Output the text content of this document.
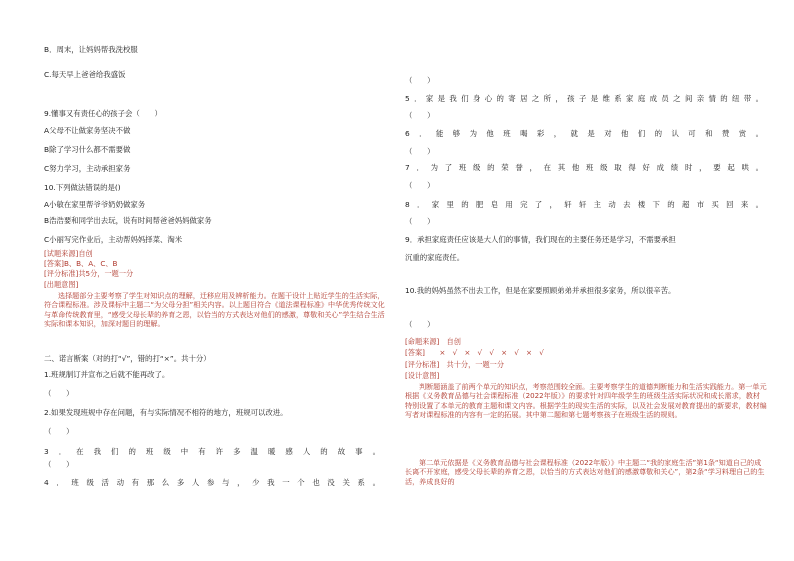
B．周末，让妈妈帮我洗校服
C.每天早上爸爸给我盛饭
9.懂事又有责任心的孩子会（　　）
A父母不让做家务坚决不做
B除了学习什么都不需要做
C努力学习，主动承担家务
10.下列做法错误的是()
A小敏在家里帮爷爷奶奶做家务
B浩浩要和同学出去玩，说有时间帮爸爸妈妈做家务
C小丽写完作业后，主动帮妈妈择菜、淘米
[试题来源]自创
[答案]B、B、A、C、B
[评分标准]共5分，一题一分
[出题意图]
选择题部分主要考察了学生对知识点的理解，迁移应用及辨析能力。在题干设计上贴近学生的生活实际，符合课程标准。涉及课标中主题二“为父母分担”相关内容。以上题目符合《道法课程标准》中华优秀传统文化与革命传统教育里，“感受父母长辈的养育之恩，以恰当的方式表达对他们的感激，尊敬和关心”学生结合生活实际和课本知识，加深对题目的理解。
二、诺言断案（对的打“√”，错的打“×”。共十分）
1.班规制订并宣布之后就不能再改了。
（　　）
2.如果发现班规中存在问题，有与实际情况不相符的地方，班规可以改进。
（　　）
3．在我们的班级中有许多温暖感人的故事。
（　　）
4．班级活动有那么多人参与，少我一个也没关系。
（　　）
5．家是我们身心的寄居之所，孩子是维系家庭成员之间亲情的纽带。
（　　）
6．能够为他班喝彩，就是对他们的认可和赞赏。
（　　）
7．为了班级的荣誉，在其他班级取得好成绩时，要起哄。
（　　）
8．家里的肥皂用完了，轩轩主动去楼下的超市买回来。
（　　）
9．承担家庭责任应该是大人们的事情，我们现在的主要任务还是学习，不需要承担
沉重的家庭责任。
10.我的妈妈虽然不出去工作，但是在家要照顾弟弟并承担很多家务，所以很辛苦。
（　　）
[命题来源]　自创
[答案]　　×　√　×　√　√　×　√　×　√
[评分标准]　共十分，一题一分
[设计意图]
判断题涵盖了前两个单元的知识点，考察范围较全面。主要考察学生的道德判断能力和生活实践能力。第一单元根据《义务教育品德与社会课程标准（2022年版）》的要求针对四年级学生的班级生活实际状况和成长需求，教材特别设置了本单元的教育主题和课文内容。根据学生的现实生活的实际，以及社会发展对教育提出的新要求，教材编写者对课程标准的内容有一定的拓展。其中第二题和第七题考察孩子在班级生活的规则。
第二单元依据是《义务教育品德与社会课程标准（2022年版）》中主题二“我的家庭生活”第1条“知道自己的成长离不开家庭，感受父母长辈的养育之恩，以恰当的方式表达对他们的感激尊敬和关心”，第2条“学习料理自己的生活，养成良好的
